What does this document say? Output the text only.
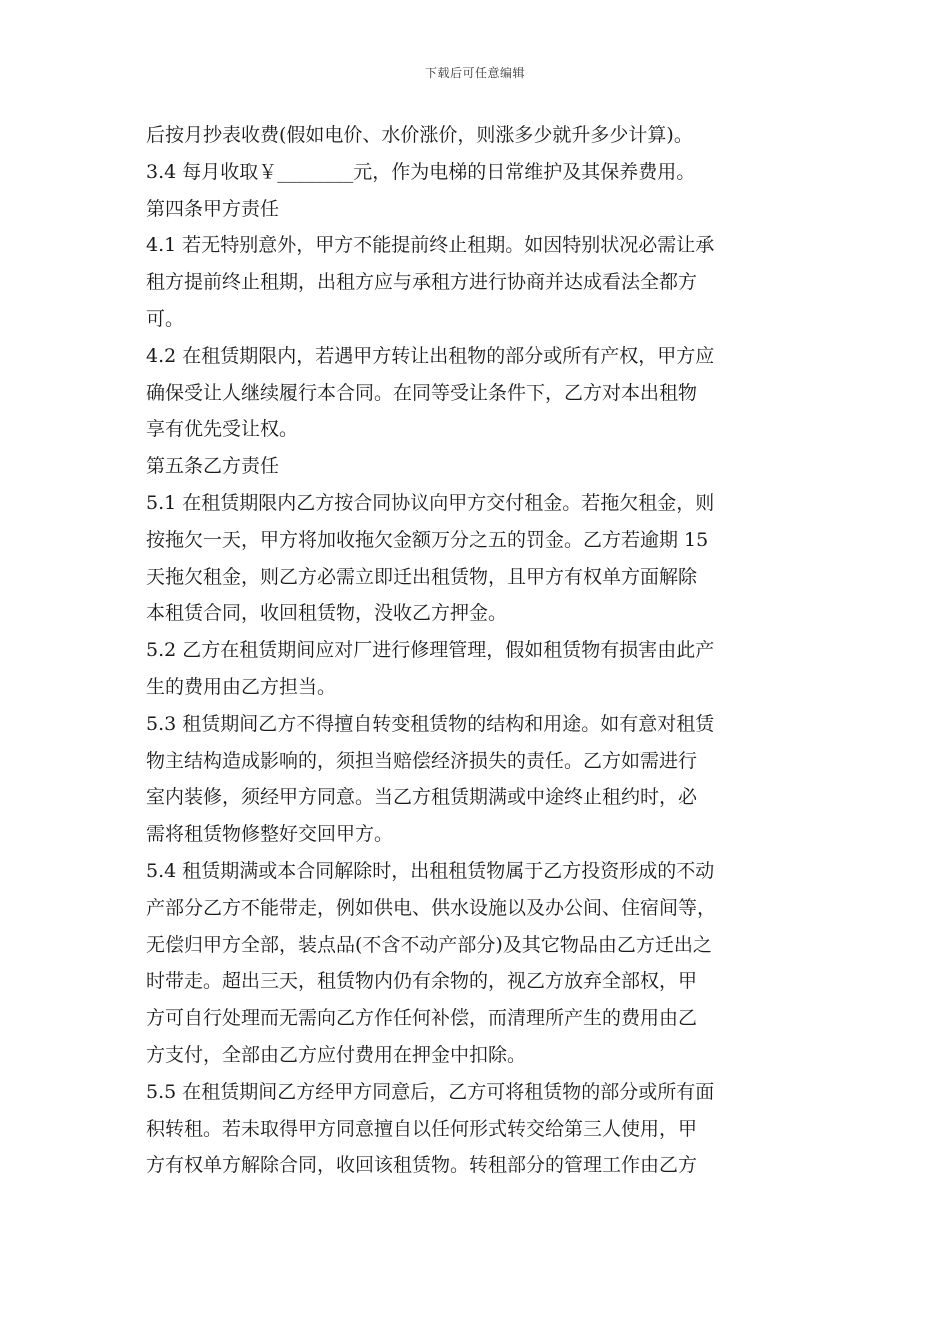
下载后可任意编辑
后按月抄表收费(假如电价、水价涨价，则涨多少就升多少计算)。
3.4 每月收取￥________元，作为电梯的日常维护及其保养费用。
第四条甲方责任
4.1 若无特别意外，甲方不能提前终止租期。如因特别状况必需让承
租方提前终止租期，出租方应与承租方进行协商并达成看法全都方
可。
4.2 在租赁期限内，若遇甲方转让出租物的部分或所有产权，甲方应
确保受让人继续履行本合同。在同等受让条件下，乙方对本出租物
享有优先受让权。
第五条乙方责任
5.1 在租赁期限内乙方按合同协议向甲方交付租金。若拖欠租金，则
按拖欠一天，甲方将加收拖欠金额万分之五的罚金。乙方若逾期 15
天拖欠租金，则乙方必需立即迁出租赁物，且甲方有权单方面解除
本租赁合同，收回租赁物，没收乙方押金。
5.2 乙方在租赁期间应对厂进行修理管理，假如租赁物有损害由此产
生的费用由乙方担当。
5.3 租赁期间乙方不得擅自转变租赁物的结构和用途。如有意对租赁
物主结构造成影响的，须担当赔偿经济损失的责任。乙方如需进行
室内装修，须经甲方同意。当乙方租赁期满或中途终止租约时，必
需将租赁物修整好交回甲方。
5.4 租赁期满或本合同解除时，出租租赁物属于乙方投资形成的不动
产部分乙方不能带走，例如供电、供水设施以及办公间、住宿间等，
无偿归甲方全部，装点品(不含不动产部分)及其它物品由乙方迁出之
时带走。超出三天，租赁物内仍有余物的，视乙方放弃全部权，甲
方可自行处理而无需向乙方作任何补偿，而清理所产生的费用由乙
方支付，全部由乙方应付费用在押金中扣除。
5.5 在租赁期间乙方经甲方同意后，乙方可将租赁物的部分或所有面
积转租。若未取得甲方同意擅自以任何形式转交给第三人使用，甲
方有权单方解除合同，收回该租赁物。转租部分的管理工作由乙方
